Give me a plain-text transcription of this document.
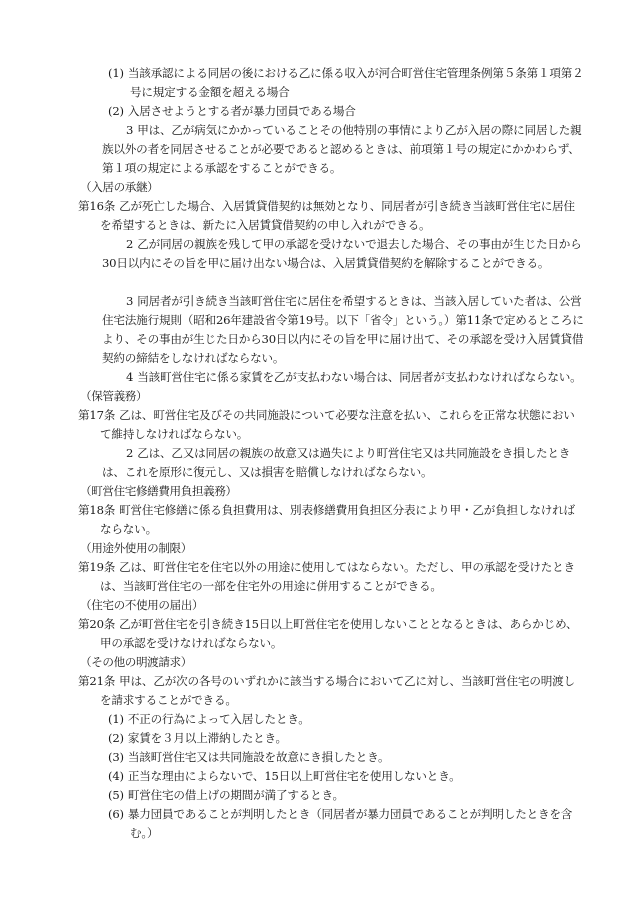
(1) 当該承認による同居の後における乙に係る収入が河合町営住宅管理条例第５条第１項第２号に規定する金額を超える場合

(2) 入居させようとする者が暴力団員である場合

3 甲は、乙が病気にかかっていることその他特別の事情により乙が入居の際に同居した親族以外の者を同居させることが必要であると認めるときは、前項第１号の規定にかかわらず、第１項の規定による承認をすることができる。

（入居の承継）

第16条 乙が死亡した場合、入居賃貸借契約は無効となり、同居者が引き続き当該町営住宅に居住を希望するときは、新たに入居賃貸借契約の申し入れができる。

2 乙が同居の親族を残して甲の承認を受けないで退去した場合、その事由が生じた日から30日以内にその旨を甲に届け出ない場合は、入居賃貸借契約を解除することができる。

3 同居者が引き続き当該町営住宅に居住を希望するときは、当該入居していた者は、公営住宅法施行規則（昭和26年建設省令第19号。以下「省令」という。）第11条で定めるところにより、その事由が生じた日から30日以内にその旨を甲に届け出て、その承認を受け入居賃貸借契約の締結をしなければならない。

4 当該町営住宅に係る家賃を乙が支払わない場合は、同居者が支払わなければならない。

（保管義務）

第17条 乙は、町営住宅及びその共同施設について必要な注意を払い、これらを正常な状態において維持しなければならない。

2 乙は、乙又は同居の親族の故意又は過失により町営住宅又は共同施設をき損したときは、これを原形に復元し、又は損害を賠償しなければならない。

（町営住宅修繕費用負担義務）

第18条 町営住宅修繕に係る負担費用は、別表修繕費用負担区分表により甲・乙が負担しなければならない。

（用途外使用の制限）

第19条 乙は、町営住宅を住宅以外の用途に使用してはならない。ただし、甲の承認を受けたときは、当該町営住宅の一部を住宅外の用途に併用することができる。

（住宅の不使用の届出）

第20条 乙が町営住宅を引き続き15日以上町営住宅を使用しないこととなるときは、あらかじめ、甲の承認を受けなければならない。

（その他の明渡請求）

第21条 甲は、乙が次の各号のいずれかに該当する場合において乙に対し、当該町営住宅の明渡しを請求することができる。

(1) 不正の行為によって入居したとき。

(2) 家賃を３月以上滞納したとき。

(3) 当該町営住宅又は共同施設を故意にき損したとき。

(4) 正当な理由によらないで、15日以上町営住宅を使用しないとき。

(5) 町営住宅の借上げの期間が満了するとき。

(6) 暴力団員であることが判明したとき（同居者が暴力団員であることが判明したときを含む。）
